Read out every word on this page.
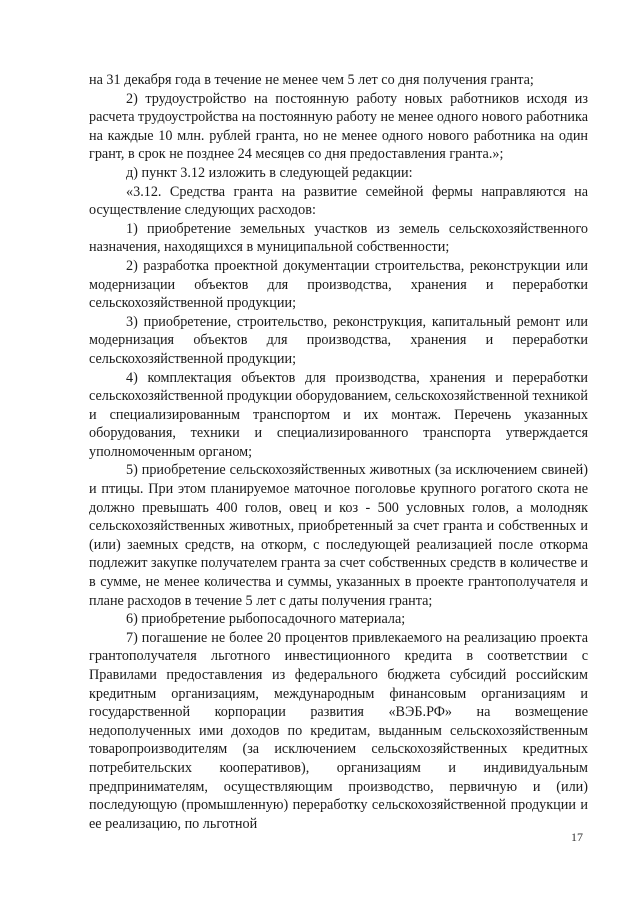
на 31 декабря года в течение не менее чем 5 лет со дня получения гранта;

2) трудоустройство на постоянную работу новых работников исходя из расчета трудоустройства на постоянную работу не менее одного нового работника на каждые 10 млн. рублей гранта, но не менее одного нового работника на один грант, в срок не позднее 24 месяцев со дня предоставления гранта.»;

д) пункт 3.12 изложить в следующей редакции:

«3.12. Средства гранта на развитие семейной фермы направляются на осуществление следующих расходов:

1) приобретение земельных участков из земель сельскохозяйственного назначения, находящихся в муниципальной собственности;

2) разработка проектной документации строительства, реконструкции или модернизации объектов для производства, хранения и переработки сельскохозяйственной продукции;

3) приобретение, строительство, реконструкция, капитальный ремонт или модернизация объектов для производства, хранения и переработки сельскохозяйственной продукции;

4) комплектация объектов для производства, хранения и переработки сельскохозяйственной продукции оборудованием, сельскохозяйственной техникой и специализированным транспортом и их монтаж. Перечень указанных оборудования, техники и специализированного транспорта утверждается уполномоченным органом;

5) приобретение сельскохозяйственных животных (за исключением свиней) и птицы. При этом планируемое маточное поголовье крупного рогатого скота не должно превышать 400 голов, овец и коз - 500 условных голов, а молодняк сельскохозяйственных животных, приобретенный за счет гранта и собственных и (или) заемных средств, на откорм, с последующей реализацией после откорма подлежит закупке получателем гранта за счет собственных средств в количестве и в сумме, не менее количества и суммы, указанных в проекте грантополучателя и плане расходов в течение 5 лет с даты получения гранта;

6) приобретение рыбопосадочного материала;

7) погашение не более 20 процентов привлекаемого на реализацию проекта грантополучателя льготного инвестиционного кредита в соответствии с Правилами предоставления из федерального бюджета субсидий российским кредитным организациям, международным финансовым организациям и государственной корпорации развития «ВЭБ.РФ» на возмещение недополученных ими доходов по кредитам, выданным сельскохозяйственным товаропроизводителям (за исключением сельскохозяйственных кредитных потребительских кооперативов), организациям и индивидуальным предпринимателям, осуществляющим производство, первичную и (или) последующую (промышленную) переработку сельскохозяйственной продукции и ее реализацию, по льготной

17
